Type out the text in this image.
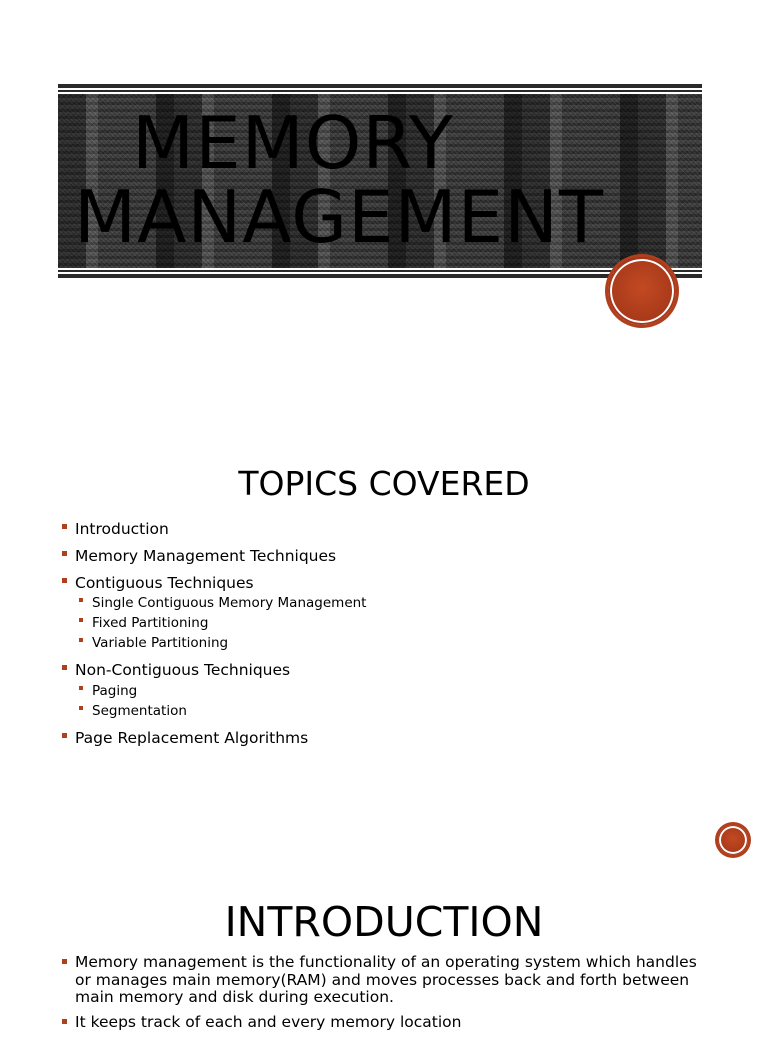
MEMORY
MANAGEMENT
TOPICS COVERED
Introduction
Memory Management Techniques
Contiguous Techniques
Single Contiguous Memory Management
Fixed Partitioning
Variable Partitioning
Non-Contiguous Techniques
Paging
Segmentation
Page Replacement Algorithms
INTRODUCTION
Memory management is the functionality of an operating system which handles or manages main memory(RAM) and moves processes back and forth between main memory and disk during execution.
It keeps track of each and every memory location
